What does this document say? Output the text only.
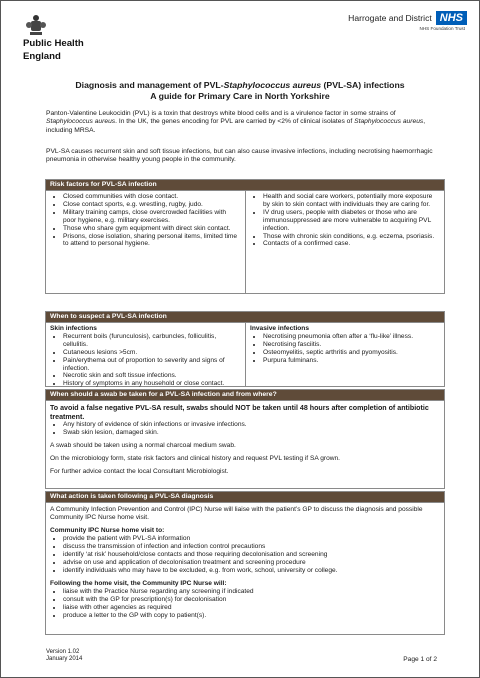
Public Health
England
Harrogate and District NHS
NHS Foundation Trust
Diagnosis and management of PVL-Staphylococcus aureus (PVL-SA) infections
A guide for Primary Care in North Yorkshire

Panton-Valentine Leukocidin (PVL) is a toxin that destroys white blood cells and is a virulence factor in some strains of Staphylococcus aureus. In the UK, the genes encoding for PVL are carried by <2% of clinical isolates of Staphylococcus aureus, including MRSA.

PVL-SA causes recurrent skin and soft tissue infections, but can also cause invasive infections, including necrotising haemorrhagic pneumonia in otherwise healthy young people in the community.

Risk factors for PVL-SA infection
• Closed communities with close contact.
• Close contact sports, e.g. wrestling, rugby, judo.
• Military training camps, close overcrowded facilities with poor hygiene, e.g. military exercises.
• Those who share gym equipment with direct skin contact.
• Prisons, close isolation, sharing personal items, limited time to attend to personal hygiene.
• Health and social care workers, potentially more exposure by skin to skin contact with individuals they are caring for.
• IV drug users, people with diabetes or those who are immunosuppressed are more vulnerable to acquiring PVL infection.
• Those with chronic skin conditions, e.g. eczema, psoriasis.
• Contacts of a confirmed case.
When to suspect a PVL-SA infection
Skin infections
• Recurrent boils (furunculosis), carbuncles, folliculitis, cellulitis.
• Cutaneous lesions >5cm.
• Pain/erythema out of proportion to severity and signs of infection.
• Necrotic skin and soft tissue infections.
• History of symptoms in any household or close contact.
Invasive infections
• Necrotising pneumonia often after a ‘flu-like’ illness.
• Necrotising fasciitis.
• Osteomyelitis, septic arthritis and pyomyositis.
• Purpura fulminans.
When should a swab be taken for a PVL-SA infection and from where?

To avoid a false negative PVL-SA result, swabs should NOT be taken until 48 hours after completion of antibiotic treatment.

• Any history of evidence of skin infections or invasive infections.
• Swab skin lesion, damaged skin.

A swab should be taken using a normal charcoal medium swab.

On the microbiology form, state risk factors and clinical history and request PVL testing if SA grown.

For further advice contact the local Consultant Microbiologist.

What action is taken following a PVL-SA diagnosis

A Community Infection Prevention and Control (IPC) Nurse will liaise with the patient’s GP to discuss the diagnosis and possible Community IPC Nurse home visit.

Community IPC Nurse home visit to:

• provide the patient with PVL-SA information
• discuss the transmission of infection and infection control precautions
• identify ‘at risk’ household/close contacts and those requiring decolonisation and screening
• advise on use and application of decolonisation treatment and screening procedure
• identify individuals who may have to be excluded, e.g. from work, school, university or college.

Following the home visit, the Community IPC Nurse will:

• liaise with the Practice Nurse regarding any screening if indicated
• consult with the GP for prescription(s) for decolonisation
• liaise with other agencies as required
• produce a letter to the GP with copy to patient(s).
Version 1.02
January 2014	Page 1 of 2
